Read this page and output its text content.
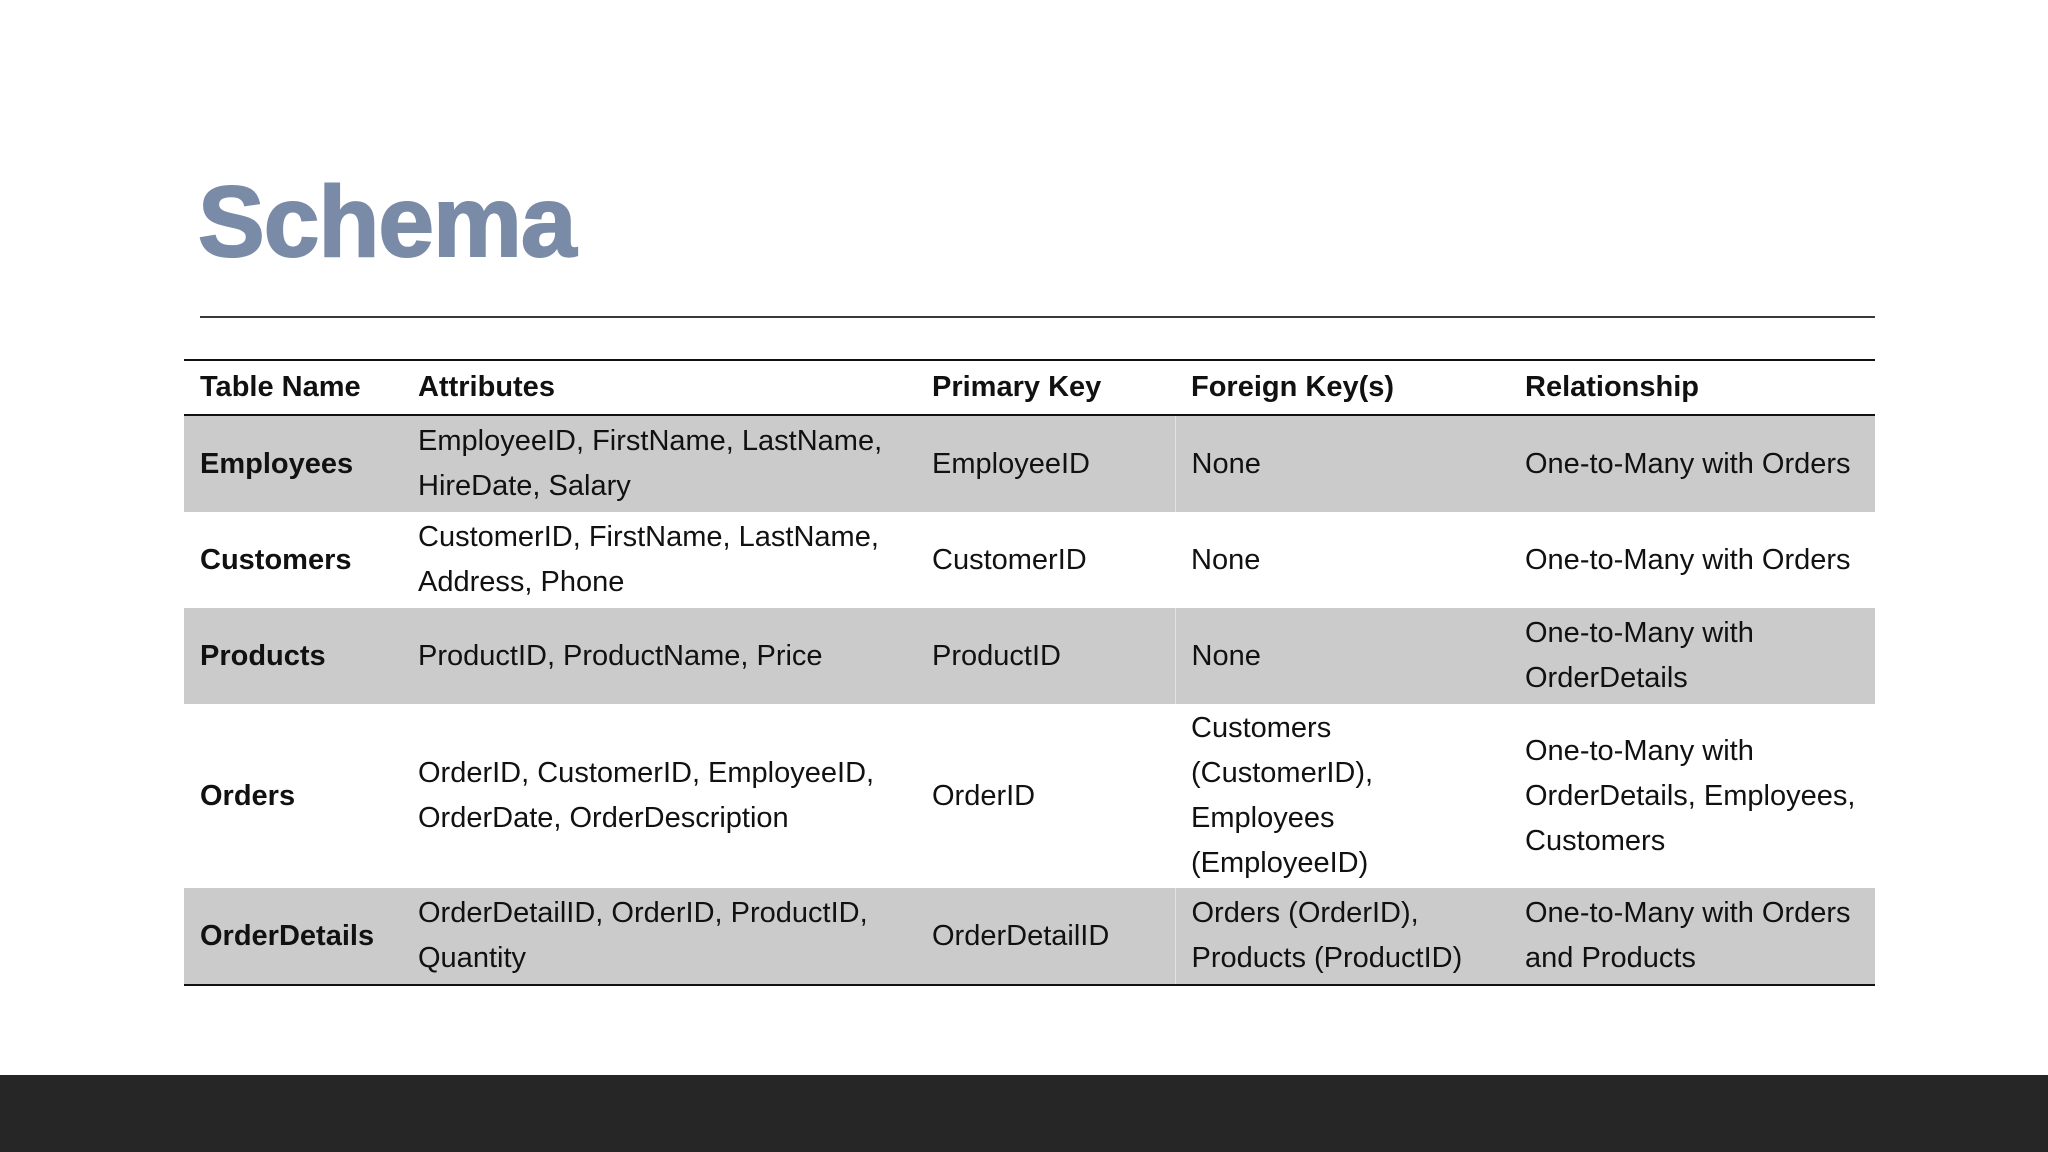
Schema
Table Name	Attributes	Primary Key	Foreign Key(s)	Relationship
Employees	EmployeeID, FirstName, LastName, HireDate, Salary	EmployeeID	None	One-to-Many with Orders
Customers	CustomerID, FirstName, LastName, Address, Phone	CustomerID	None	One-to-Many with Orders
Products	ProductID, ProductName, Price	ProductID	None	One-to-Many with OrderDetails
Orders	OrderID, CustomerID, EmployeeID, OrderDate, OrderDescription	OrderID	Customers (CustomerID), Employees (EmployeeID)	One-to-Many with OrderDetails, Employees, Customers
OrderDetails	OrderDetailID, OrderID, ProductID, Quantity	OrderDetailID	Orders (OrderID), Products (ProductID)	One-to-Many with Orders and Products
